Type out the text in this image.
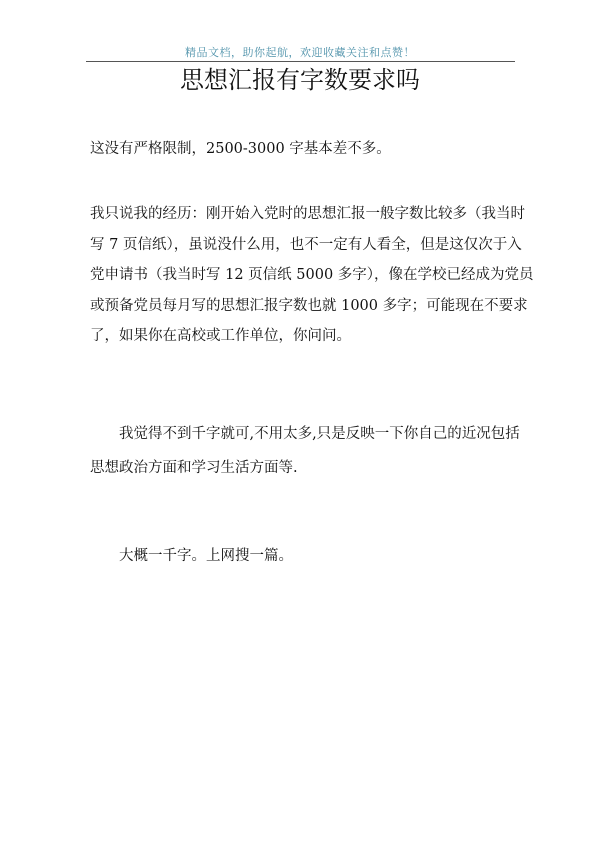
精品文档，助你起航，欢迎收藏关注和点赞！
思想汇报有字数要求吗
这没有严格限制，2500-3000 字基本差不多。
我只说我的经历：刚开始入党时的思想汇报一般字数比较多（我当时
写 7 页信纸），虽说没什么用，也不一定有人看全，但是这仅次于入
党申请书（我当时写 12 页信纸 5000 多字），像在学校已经成为党员
或预备党员每月写的思想汇报字数也就 1000 多字；可能现在不要求
了，如果你在高校或工作单位，你问问。
我觉得不到千字就可,不用太多,只是反映一下你自己的近况包括
思想政治方面和学习生活方面等.
大概一千字。上网搜一篇。
